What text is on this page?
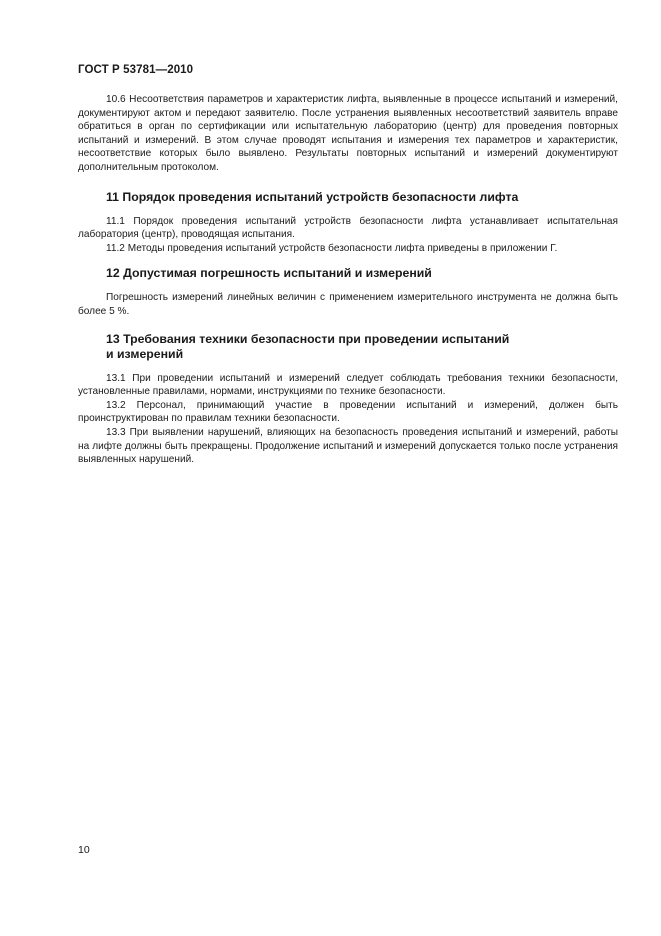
ГОСТ Р 53781—2010

10.6 Несоответствия параметров и характеристик лифта, выявленные в процессе испытаний и измерений, документируют актом и передают заявителю. После устранения выявленных несоответствий заявитель вправе обратиться в орган по сертификации или испытательную лабораторию (центр) для проведения повторных испытаний и измерений. В этом случае проводят испытания и измерения тех параметров и характеристик, несоответствие которых было выявлено. Результаты повторных испытаний и измерений документируют дополнительным протоколом.

11 Порядок проведения испытаний устройств безопасности лифта

11.1 Порядок проведения испытаний устройств безопасности лифта устанавливает испытательная лаборатория (центр), проводящая испытания.

11.2 Методы проведения испытаний устройств безопасности лифта приведены в приложении Г.

12 Допустимая погрешность испытаний и измерений

Погрешность измерений линейных величин с применением измерительного инструмента не должна быть более 5 %.

13 Требования техники безопасности при проведении испытаний
и измерений

13.1 При проведении испытаний и измерений следует соблюдать требования техники безопасности, установленные правилами, нормами, инструкциями по технике безопасности.

13.2 Персонал, принимающий участие в проведении испытаний и измерений, должен быть проинструктирован по правилам техники безопасности.

13.3 При выявлении нарушений, влияющих на безопасность проведения испытаний и измерений, работы на лифте должны быть прекращены. Продолжение испытаний и измерений допускается только после устранения выявленных нарушений.

10
